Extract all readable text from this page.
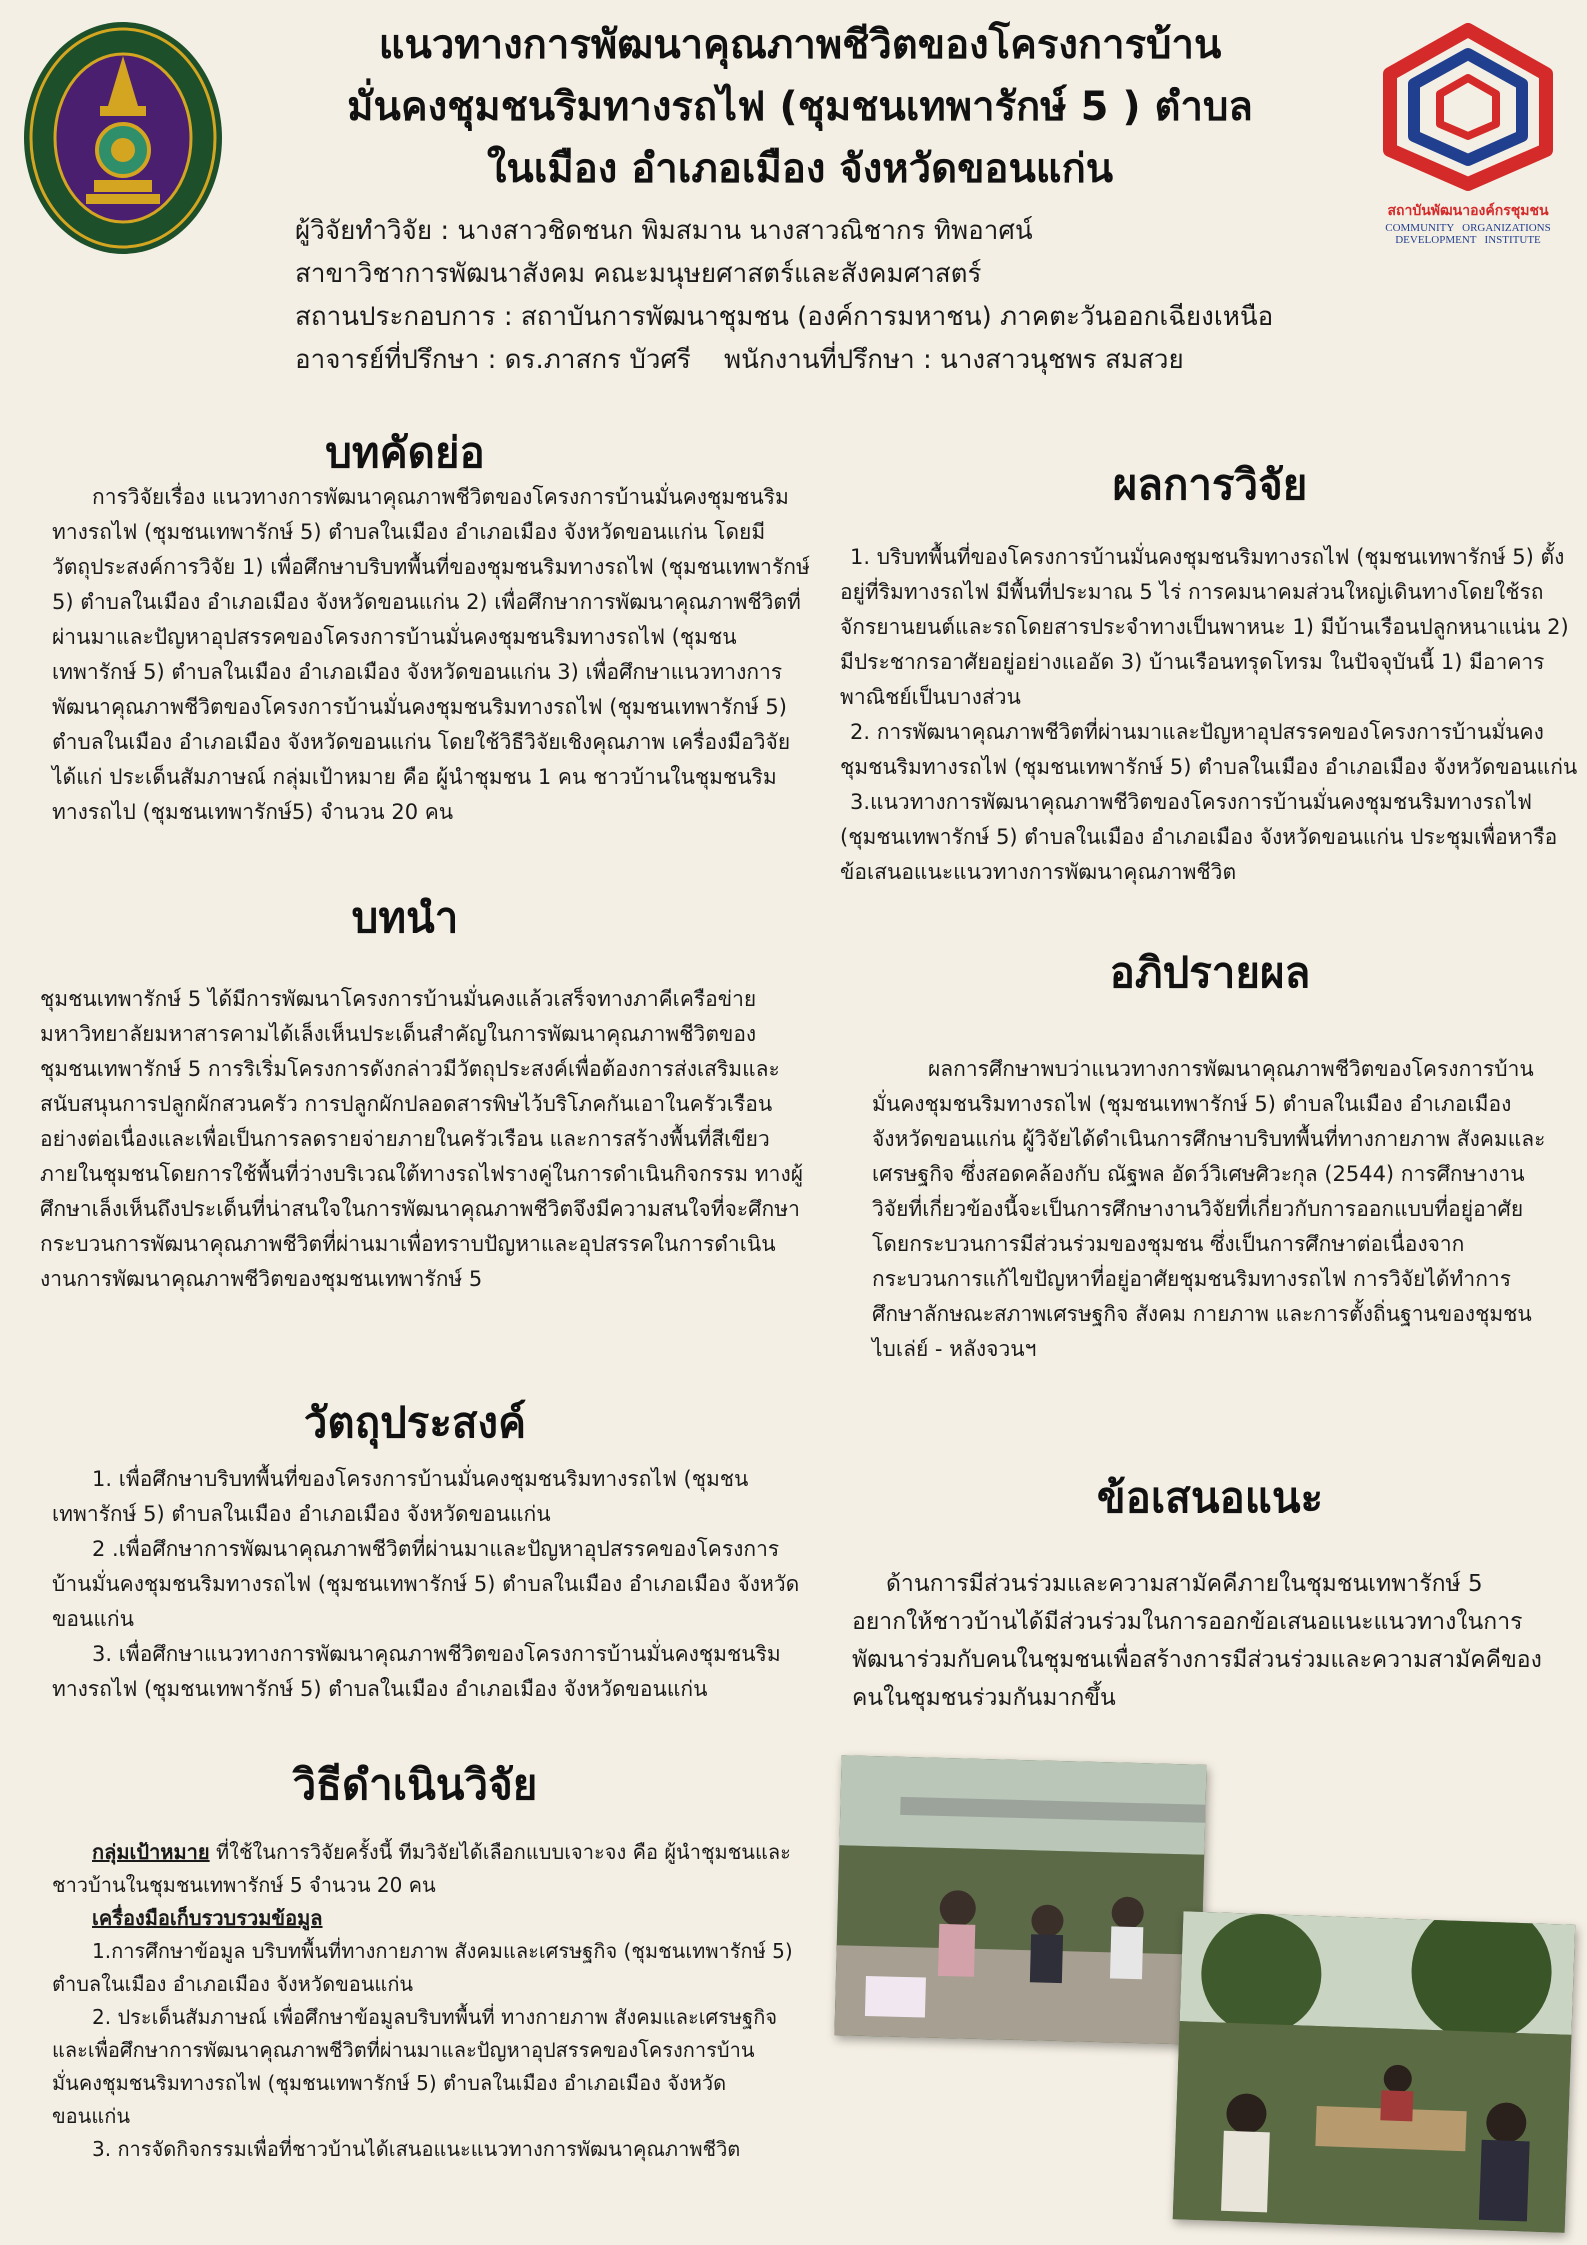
สถาบันพัฒนาองค์กรชุมชน
COMMUNITY   ORGANIZATIONS
DEVELOPMENT   INSTITUTE
แนวทางการพัฒนาคุณภาพชีวิตของโครงการบ้าน
มั่นคงชุมชนริมทางรถไฟ (ชุมชนเทพารักษ์ 5 ) ตำบล
ในเมือง อำเภอเมือง จังหวัดขอนแก่น
ผู้วิจัยทำวิจัย : นางสาวชิดชนก พิมสมาน นางสาวณิชากร ทิพอาศน์
สาขาวิชาการพัฒนาสังคม คณะมนุษยศาสตร์และสังคมศาสตร์
สถานประกอบการ : สถาบันการพัฒนาชุมชน (องค์การมหาชน) ภาคตะวันออกเฉียงเหนือ
อาจารย์ที่ปรึกษา : ดร.ภาสกร บัวศรี    พนักงานที่ปรึกษา : นางสาวนุชพร สมสวย
บทคัดย่อ
การวิจัยเรื่อง แนวทางการพัฒนาคุณภาพชีวิตของโครงการบ้านมั่นคงชุมชนริมทางรถไฟ (ชุมชนเทพารักษ์ 5) ตำบลในเมือง อำเภอเมือง จังหวัดขอนแก่น โดยมีวัตถุประสงค์การวิจัย 1) เพื่อศึกษาบริบทพื้นที่ของชุมชนริมทางรถไฟ (ชุมชนเทพารักษ์ 5) ตำบลในเมือง อำเภอเมือง จังหวัดขอนแก่น 2) เพื่อศึกษาการพัฒนาคุณภาพชีวิตที่ผ่านมาและปัญหาอุปสรรคของโครงการบ้านมั่นคงชุมชนริมทางรถไฟ (ชุมชนเทพารักษ์ 5) ตำบลในเมือง อำเภอเมือง จังหวัดขอนแก่น 3) เพื่อศึกษาแนวทางการพัฒนาคุณภาพชีวิตของโครงการบ้านมั่นคงชุมชนริมทางรถไฟ (ชุมชนเทพารักษ์ 5) ตำบลในเมือง อำเภอเมือง จังหวัดขอนแก่น โดยใช้วิธีวิจัยเชิงคุณภาพ เครื่องมือวิจัยได้แก่ ประเด็นสัมภาษณ์ กลุ่มเป้าหมาย คือ ผู้นำชุมชน 1 คน ชาวบ้านในชุมชนริมทางรถไป (ชุมชนเทพารักษ์5) จำนวน 20 คน
บทนำ
ชุมชนเทพารักษ์ 5 ได้มีการพัฒนาโครงการบ้านมั่นคงแล้วเสร็จทางภาคีเครือข่ายมหาวิทยาลัยมหาสารคามได้เล็งเห็นประเด็นสำคัญในการพัฒนาคุณภาพชีวิตของชุมชนเทพารักษ์ 5 การริเริ่มโครงการดังกล่าวมีวัตถุประสงค์เพื่อต้องการส่งเสริมและสนับสนุนการปลูกผักสวนครัว การปลูกผักปลอดสารพิษไว้บริโภคกันเอาในครัวเรือน อย่างต่อเนื่องและเพื่อเป็นการลดรายจ่ายภายในครัวเรือน และการสร้างพื้นที่สีเขียวภายในชุมชนโดยการใช้พื้นที่ว่างบริเวณใต้ทางรถไฟรางคู่ในการดำเนินกิจกรรม ทางผู้ศึกษาเล็งเห็นถึงประเด็นที่น่าสนใจในการพัฒนาคุณภาพชีวิตจึงมีความสนใจที่จะศึกษากระบวนการพัฒนาคุณภาพชีวิตที่ผ่านมาเพื่อทราบปัญหาและอุปสรรคในการดำเนินงานการพัฒนาคุณภาพชีวิตของชุมชนเทพารักษ์ 5
วัตถุประสงค์
1. เพื่อศึกษาบริบทพื้นที่ของโครงการบ้านมั่นคงชุมชนริมทางรถไฟ (ชุมชนเทพารักษ์ 5) ตำบลในเมือง อำเภอเมือง จังหวัดขอนแก่น
2 .เพื่อศึกษาการพัฒนาคุณภาพชีวิตที่ผ่านมาและปัญหาอุปสรรคของโครงการบ้านมั่นคงชุมชนริมทางรถไฟ (ชุมชนเทพารักษ์ 5) ตำบลในเมือง อำเภอเมือง จังหวัดขอนแก่น
3. เพื่อศึกษาแนวทางการพัฒนาคุณภาพชีวิตของโครงการบ้านมั่นคงชุมชนริมทางรถไฟ (ชุมชนเทพารักษ์ 5) ตำบลในเมือง อำเภอเมือง จังหวัดขอนแก่น
วิธีดำเนินวิจัย
กลุ่มเป้าหมาย ที่ใช้ในการวิจัยครั้งนี้ ทีมวิจัยได้เลือกแบบเจาะจง คือ ผู้นำชุมชนและชาวบ้านในชุมชนเทพารักษ์ 5 จำนวน 20 คน
เครื่องมือเก็บรวบรวมข้อมูล
1.การศึกษาข้อมูล บริบทพื้นที่ทางกายภาพ สังคมและเศรษฐกิจ (ชุมชนเทพารักษ์ 5) ตำบลในเมือง อำเภอเมือง จังหวัดขอนแก่น
2. ประเด็นสัมภาษณ์ เพื่อศึกษาข้อมูลบริบทพื้นที่ ทางกายภาพ สังคมและเศรษฐกิจและเพื่อศึกษาการพัฒนาคุณภาพชีวิตที่ผ่านมาและปัญหาอุปสรรคของโครงการบ้านมั่นคงชุมชนริมทางรถไฟ (ชุมชนเทพารักษ์ 5) ตำบลในเมือง อำเภอเมือง จังหวัดขอนแก่น
3. การจัดกิจกรรมเพื่อที่ชาวบ้านได้เสนอแนะแนวทางการพัฒนาคุณภาพชีวิต
ผลการวิจัย
1. บริบทพื้นที่ของโครงการบ้านมั่นคงชุมชนริมทางรถไฟ (ชุมชนเทพารักษ์ 5) ตั้งอยู่ที่ริมทางรถไฟ มีพื้นที่ประมาณ 5 ไร่ การคมนาคมส่วนใหญ่เดินทางโดยใช้รถจักรยานยนต์และรถโดยสารประจำทางเป็นพาหนะ 1) มีบ้านเรือนปลูกหนาแน่น 2) มีประชากรอาศัยอยู่อย่างแออัด 3) บ้านเรือนทรุดโทรม ในปัจจุบันนี้ 1) มีอาคารพาณิชย์เป็นบางส่วน
2. การพัฒนาคุณภาพชีวิตที่ผ่านมาและปัญหาอุปสรรคของโครงการบ้านมั่นคงชุมชนริมทางรถไฟ (ชุมชนเทพารักษ์ 5) ตำบลในเมือง อำเภอเมือง จังหวัดขอนแก่น
3.แนวทางการพัฒนาคุณภาพชีวิตของโครงการบ้านมั่นคงชุมชนริมทางรถไฟ (ชุมชนเทพารักษ์ 5) ตำบลในเมือง อำเภอเมือง จังหวัดขอนแก่น ประชุมเพื่อหารือข้อเสนอแนะแนวทางการพัฒนาคุณภาพชีวิต
อภิปรายผล
ผลการศึกษาพบว่าแนวทางการพัฒนาคุณภาพชีวิตของโครงการบ้านมั่นคงชุมชนริมทางรถไฟ (ชุมชนเทพารักษ์ 5) ตำบลในเมือง อำเภอเมือง จังหวัดขอนแก่น ผู้วิจัยได้ดำเนินการศึกษาบริบทพื้นที่ทางกายภาพ สังคมและเศรษฐกิจ ซึ่งสอดคล้องกับ ณัฐพล อัดว์วิเศษศิวะกุล (2544) การศึกษางานวิจัยที่เกี่ยวข้องนี้จะเป็นการศึกษางานวิจัยที่เกี่ยวกับการออกแบบที่อยู่อาศัยโดยกระบวนการมีส่วนร่วมของชุมชน ซึ่งเป็นการศึกษาต่อเนื่องจาก กระบวนการแก้ไขปัญหาที่อยู่อาศัยชุมชนริมทางรถไฟ การวิจัยได้ทำการศึกษาลักษณะสภาพเศรษฐกิจ สังคม กายภาพ และการตั้งถิ่นฐานของชุมชนไบเล่ย์ - หลังจวนฯ
ข้อเสนอแนะ
ด้านการมีส่วนร่วมและความสามัคคีภายในชุมชนเทพารักษ์ 5 อยากให้ชาวบ้านได้มีส่วนร่วมในการออกข้อเสนอแนะแนวทางในการพัฒนาร่วมกับคนในชุมชนเพื่อสร้างการมีส่วนร่วมและความสามัคคีของคนในชุมชนร่วมกันมากขึ้น
